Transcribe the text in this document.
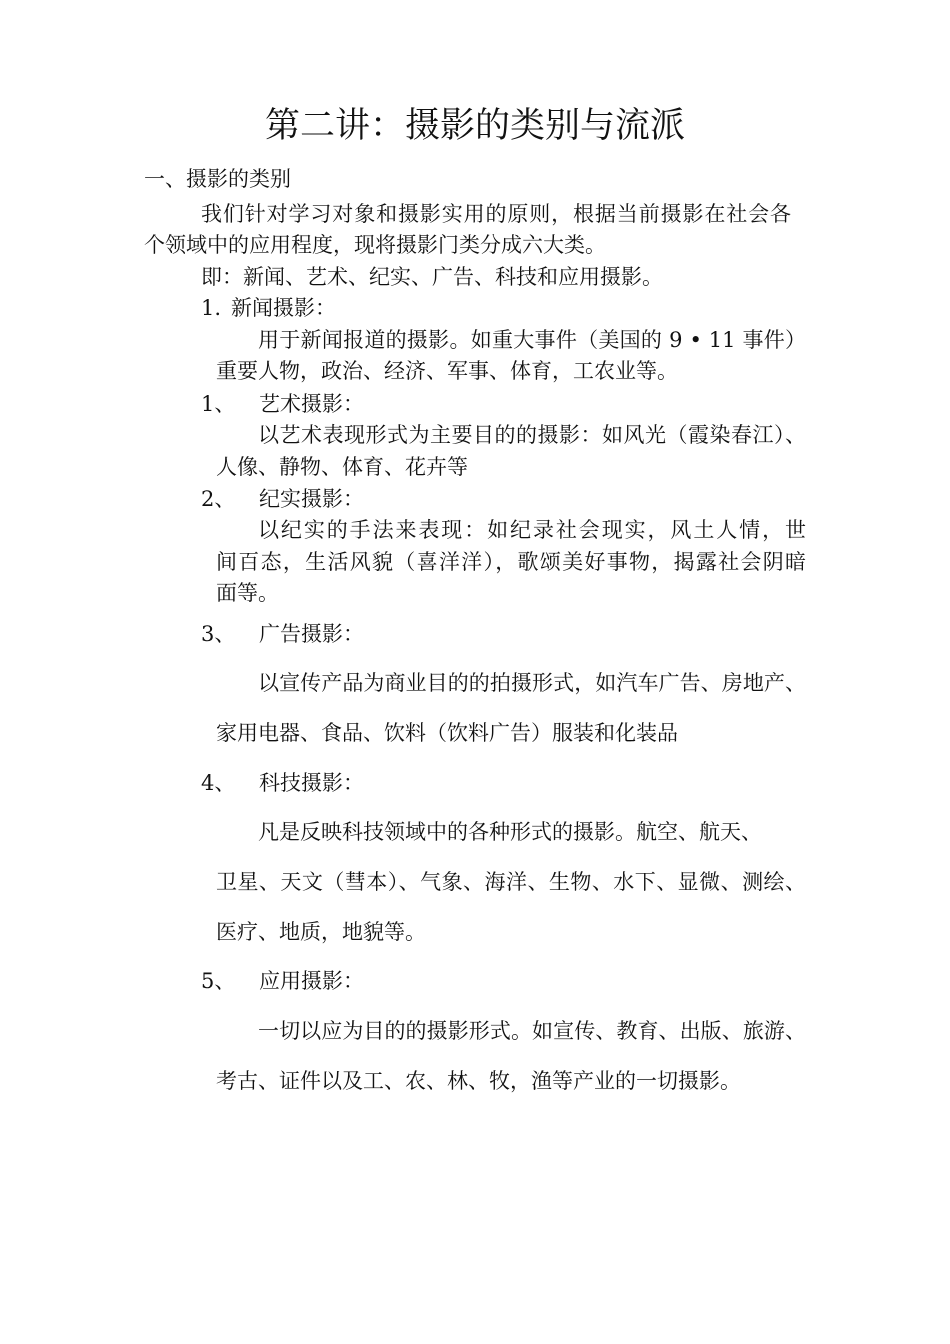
第二讲：摄影的类别与流派
一、摄影的类别
我们针对学习对象和摄影实用的原则，根据当前摄影在社会各
个领域中的应用程度，现将摄影门类分成六大类。
即：新闻、艺术、纪实、广告、科技和应用摄影。
1. 新闻摄影：
用于新闻报道的摄影。如重大事件（美国的 9 • 11 事件）
重要人物，政治、经济、军事、体育，工农业等。
1、 艺术摄影：
以艺术表现形式为主要目的的摄影：如风光（霞染春江）、
人像、静物、体育、花卉等
2、 纪实摄影：
以纪实的手法来表现：如纪录社会现实，风土人情，世
间百态，生活风貌（喜洋洋），歌颂美好事物，揭露社会阴暗
面等。
3、 广告摄影：
以宣传产品为商业目的的拍摄形式，如汽车广告、房地产、
家用电器、食品、饮料（饮料广告）服装和化装品
4、 科技摄影：
凡是反映科技领域中的各种形式的摄影。航空、航天、
卫星、天文（彗本）、气象、海洋、生物、水下、显微、测绘、
医疗、地质，地貌等。
5、 应用摄影：
一切以应为目的的摄影形式。如宣传、教育、出版、旅游、
考古、证件以及工、农、林、牧，渔等产业的一切摄影。
